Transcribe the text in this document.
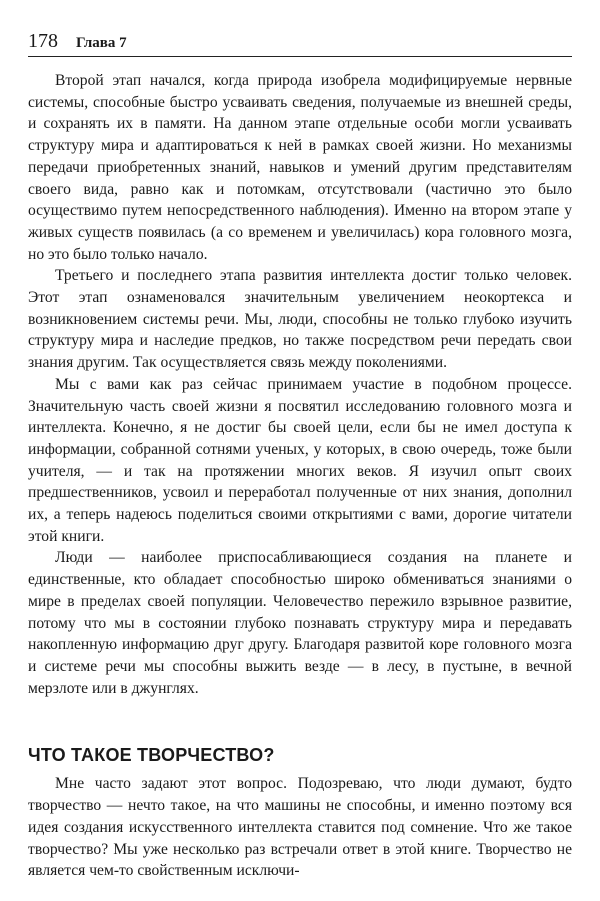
178 Глава 7

Второй этап начался, когда природа изобрела модифицируемые нервные системы, способные быстро усваивать сведения, получаемые из внешней среды, и сохранять их в памяти. На данном этапе отдельные особи могли усваивать структуру мира и адаптироваться к ней в рамках своей жизни. Но механизмы передачи приобретенных знаний, навыков и умений другим представителям своего вида, равно как и потомкам, отсутствовали (частично это было осуществимо путем непосредственного наблюдения). Именно на втором этапе у живых существ появилась (а со временем и увеличилась) кора головного мозга, но это было только начало.

Третьего и последнего этапа развития интеллекта достиг только человек. Этот этап ознаменовался значительным увеличением неокортекса и возникновением системы речи. Мы, люди, способны не только глубоко изучить структуру мира и наследие предков, но также посредством речи передать свои знания другим. Так осуществляется связь между поколениями.

Мы с вами как раз сейчас принимаем участие в подобном процессе. Значительную часть своей жизни я посвятил исследованию головного мозга и интеллекта. Конечно, я не достиг бы своей цели, если бы не имел доступа к информации, собранной сотнями ученых, у которых, в свою очередь, тоже были учителя, — и так на протяжении многих веков. Я изучил опыт своих предшественников, усвоил и переработал полученные от них знания, дополнил их, а теперь надеюсь поделиться своими открытиями с вами, дорогие читатели этой книги.

Люди — наиболее приспосабливающиеся создания на планете и единственные, кто обладает способностью широко обмениваться знаниями о мире в пределах своей популяции. Человечество пережило взрывное развитие, потому что мы в состоянии глубоко познавать структуру мира и передавать накопленную информацию друг другу. Благодаря развитой коре головного мозга и системе речи мы способны выжить везде — в лесу, в пустыне, в вечной мерзлоте или в джунглях.

ЧТО ТАКОЕ ТВОРЧЕСТВО?

Мне часто задают этот вопрос. Подозреваю, что люди думают, будто творчество — нечто такое, на что машины не способны, и именно поэтому вся идея создания искусственного интеллекта ставится под сомнение. Что же такое творчество? Мы уже несколько раз встречали ответ в этой книге. Творчество не является чем-то свойственным исключи-
